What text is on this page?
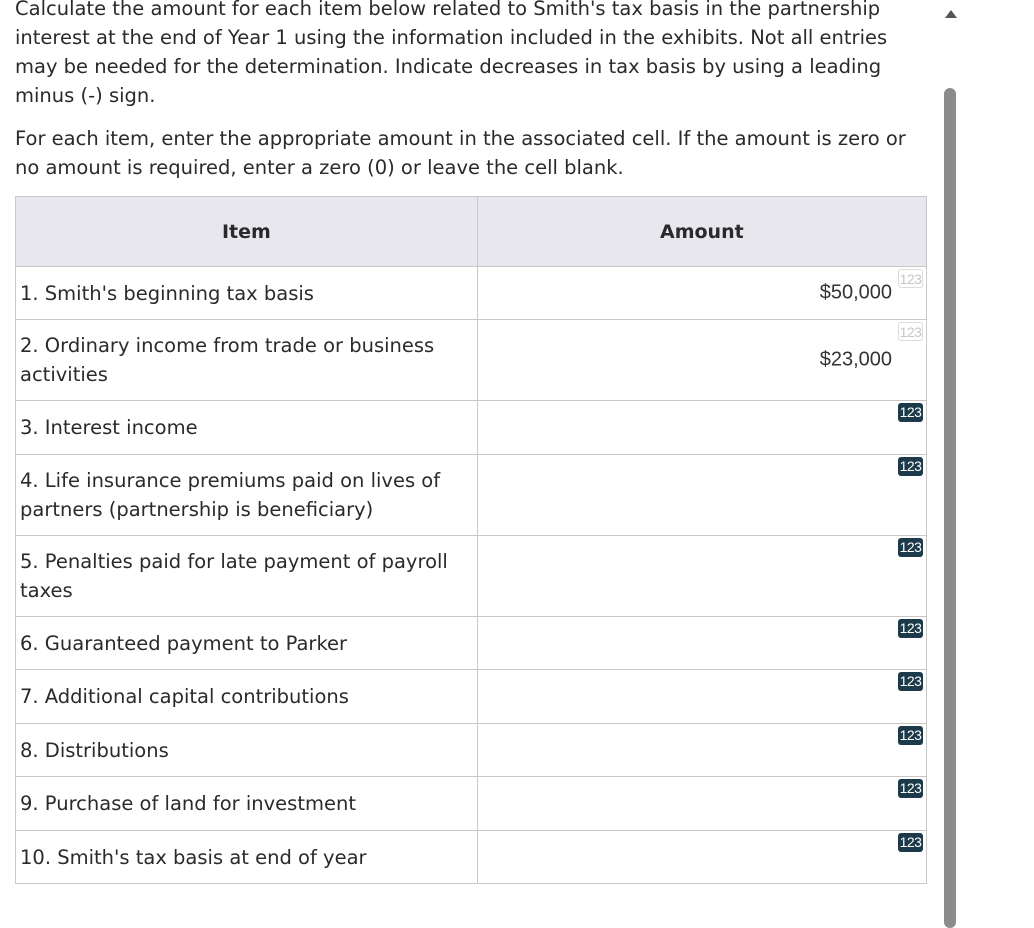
Calculate the amount for each item below related to Smith's tax basis in the partnership interest at the end of Year 1 using the information included in the exhibits. Not all entries may be needed for the determination. Indicate decreases in tax basis by using a leading minus (-) sign.

For each item, enter the appropriate amount in the associated cell. If the amount is zero or no amount is required, enter a zero (0) or leave the cell blank.

Item	Amount
1. Smith's beginning tax basis	$50,000
123

2. Ordinary income from trade or business activities	$23,000
123

3. Interest income	123

4. Life insurance premiums paid on lives of partners (partnership is beneficiary)	123

5. Penalties paid for late payment of payroll taxes	123

6. Guaranteed payment to Parker	123

7. Additional capital contributions	123

8. Distributions	123

9. Purchase of land for investment	123

10. Smith's tax basis at end of year	123
